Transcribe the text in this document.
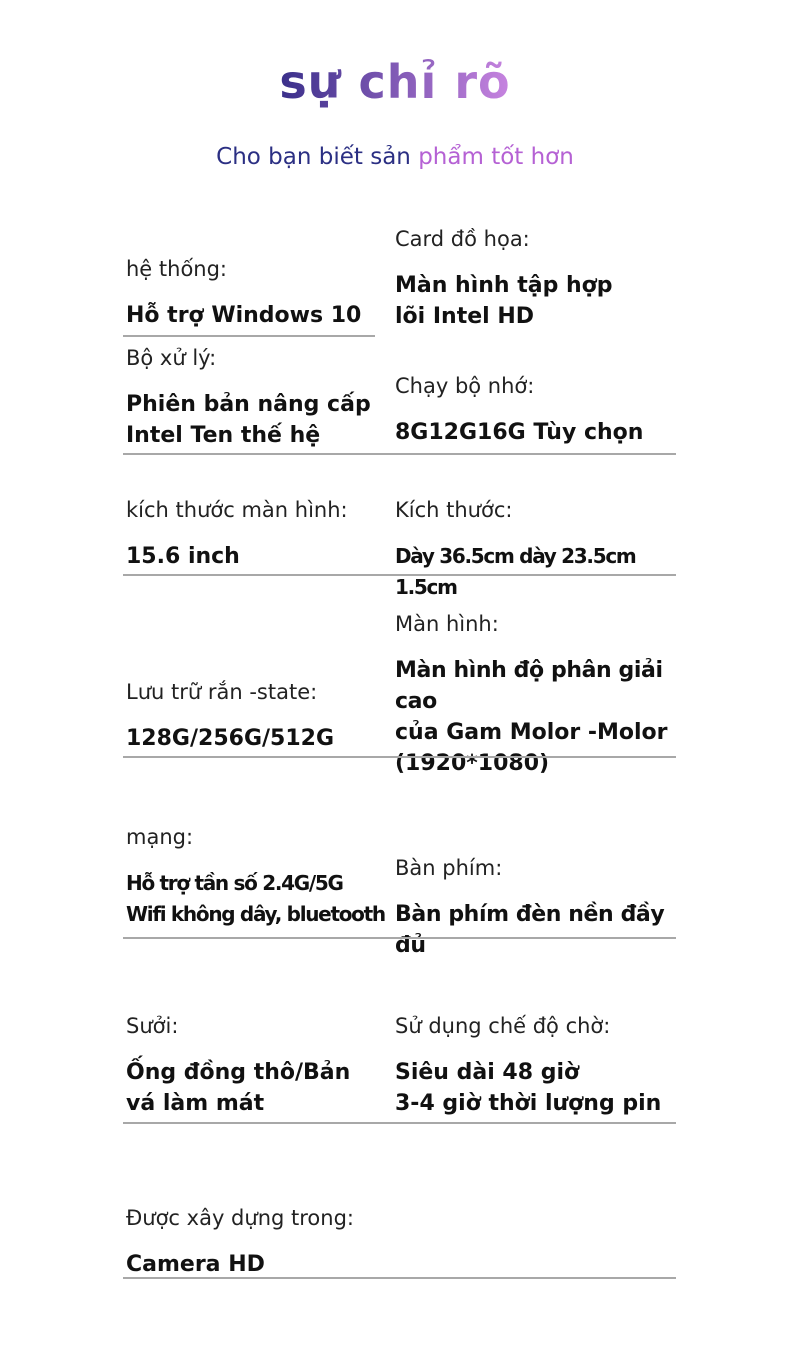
sự chỉ rõ

Cho bạn biết sản phẩm tốt hơn

hệ thống:
Hỗ trợ Windows 10
Card đồ họa:
Màn hình tập hợp
lõi Intel HD
Bộ xử lý:
Phiên bản nâng cấp
Intel Ten thế hệ
Chạy bộ nhớ:
8G12G16G Tùy chọn
kích thước màn hình:
15.6 inch
Kích thước:
Dày 36.5cm dày 23.5cm 1.5cm
Lưu trữ rắn -state:
128G/256G/512G
Màn hình:
Màn hình độ phân giải cao
của Gam Molor -Molor
(1920*1080)
mạng:
Hỗ trợ tần số 2.4G/5G
Wifi không dây, bluetooth
Bàn phím:
Bàn phím đèn nền đầy đủ
Sưởi:
Ống đồng thô/Bản
vá làm mát
Sử dụng chế độ chờ:
Siêu dài 48 giờ
3-4 giờ thời lượng pin
Được xây dựng trong:
Camera HD
